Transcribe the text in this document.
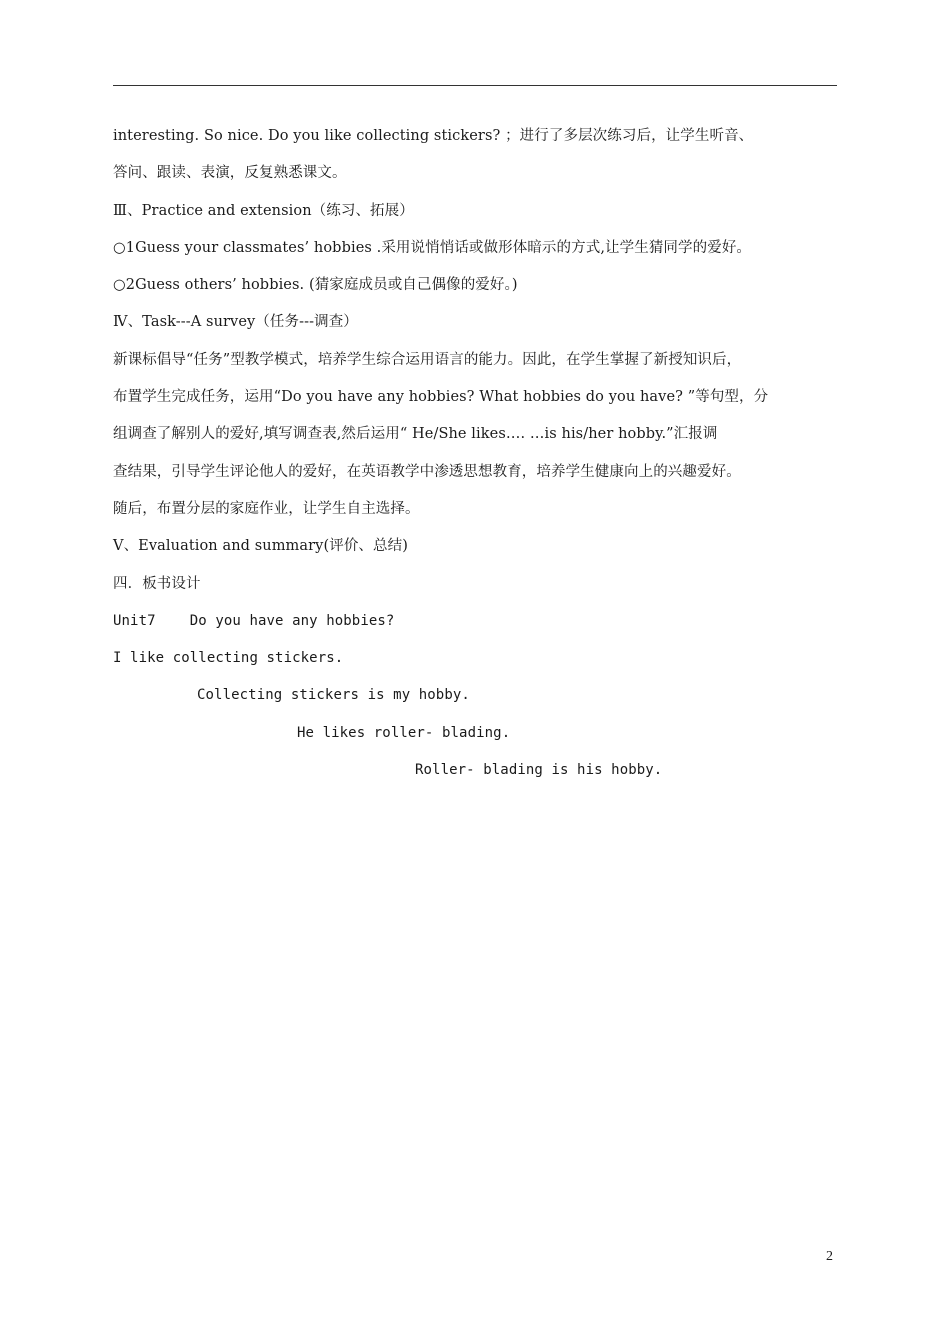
interesting. So nice. Do you like collecting stickers? ；进行了多层次练习后，让学生听音、
答问、跟读、表演，反复熟悉课文。
Ⅲ、Practice and extension（练习、拓展）
○1Guess your classmates’ hobbies .采用说悄悄话或做形体暗示的方式,让学生猜同学的爱好。
○2Guess others’ hobbies. (猜家庭成员或自己偶像的爱好。)
Ⅳ、Task---A survey（任务---调查）
新课标倡导“任务”型教学模式，培养学生综合运用语言的能力。因此，在学生掌握了新授知识后，
布置学生完成任务，运用“Do you have any hobbies? What hobbies do you have? ”等句型，分
组调查了解别人的爱好,填写调查表,然后运用“ He/She likes…. …is his/her hobby.”汇报调
查结果，引导学生评论他人的爱好，在英语教学中渗透思想教育，培养学生健康向上的兴趣爱好。
随后，布置分层的家庭作业，让学生自主选择。
Ⅴ、Evaluation and summary(评价、总结)
四．板书设计
Unit7    Do you have any hobbies?
I like collecting stickers.
Collecting stickers is my hobby.
He likes roller- blading.
Roller- blading is his hobby.
2
